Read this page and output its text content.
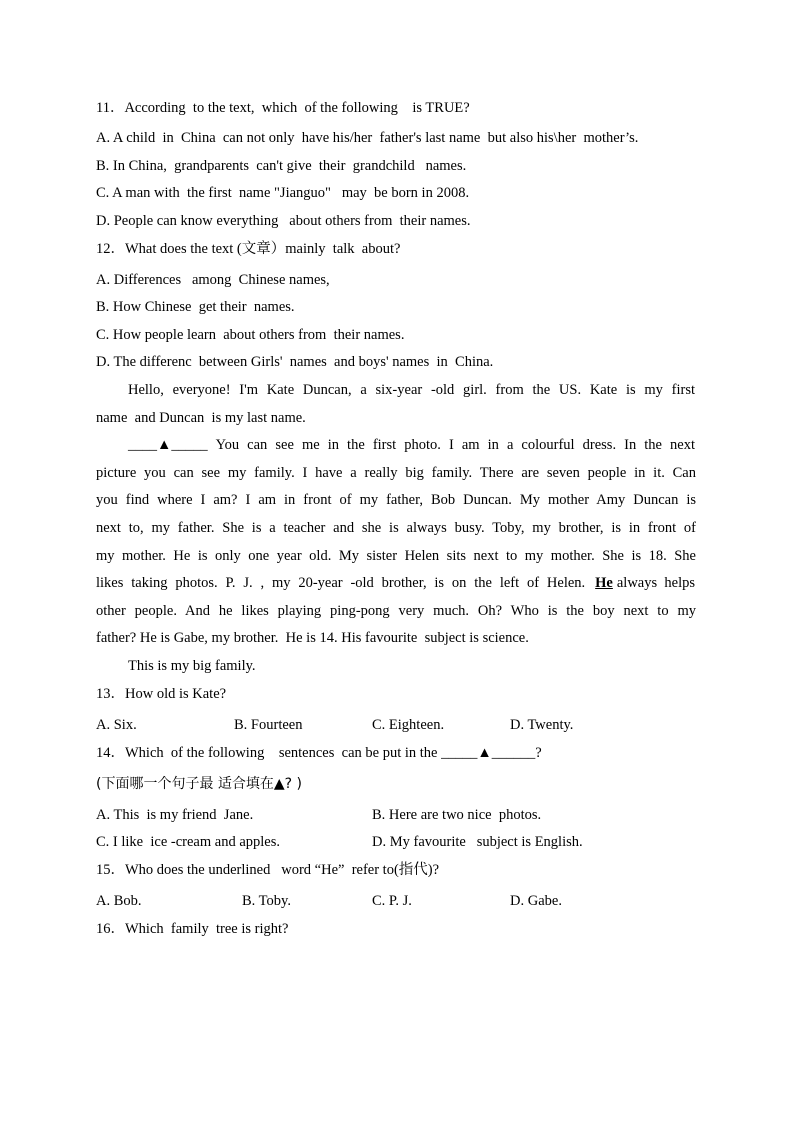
11．According  to the text,  which  of the following    is TRUE?
A. A child  in  China  can not only  have his/her  father's last name  but also his\her  mother’s.
B. In China,  grandparents  can't give  their  grandchild   names.
C. A man with  the first  name "Jianguo"   may  be born in 2008.
D. People can know everything   about others from  their names.
12．What does the text (文章）mainly  talk  about?
A. Differences   among  Chinese names,
B. How Chinese  get their  names.
C. How people learn  about others from  their names.
D. The differenc  between Girls'  names  and boys' names  in  China.
Hello, everyone! I'm Kate Duncan, a six-year -old girl. from the US. Kate is my first
name  and Duncan  is my last name.
____▲_____ You can see me in the first photo. I am in a colourful dress. In the next
picture you can see my family. I have a really big family. There are seven people in it. Can
you find where I am? I am in front of my father, Bob Duncan. My mother Amy Duncan is
next to, my father. She is a teacher and she is always busy. Toby, my brother, is in front of
my mother. He is only one year old. My sister Helen sits next to my mother. She is 18. She
likes taking photos. P. J. , my 20-year -old brother, is on the left of Helen. He always  helps
other people. And he likes playing ping-pong very much. Oh? Who is the boy next to my
father? He is Gabe, my brother.  He is 14. His favourite  subject is science.
This is my big family.
13．How old is Kate?
A. Six.	B. Fourteen	C. Eighteen.	D. Twenty.
14．Which  of the following    sentences  can be put in the _____▲______?
(下面哪一个句子最 适合填在▲? )
A. This  is my friend  Jane.	B. Here are two nice  photos.
C. I like  ice -cream and apples.	D. My favourite   subject is English.
15．Who does the underlined   word “He”  refer to(指代)?
A. Bob.	B. Toby.	C. P. J.	D. Gabe.
16．Which  family  tree is right?
